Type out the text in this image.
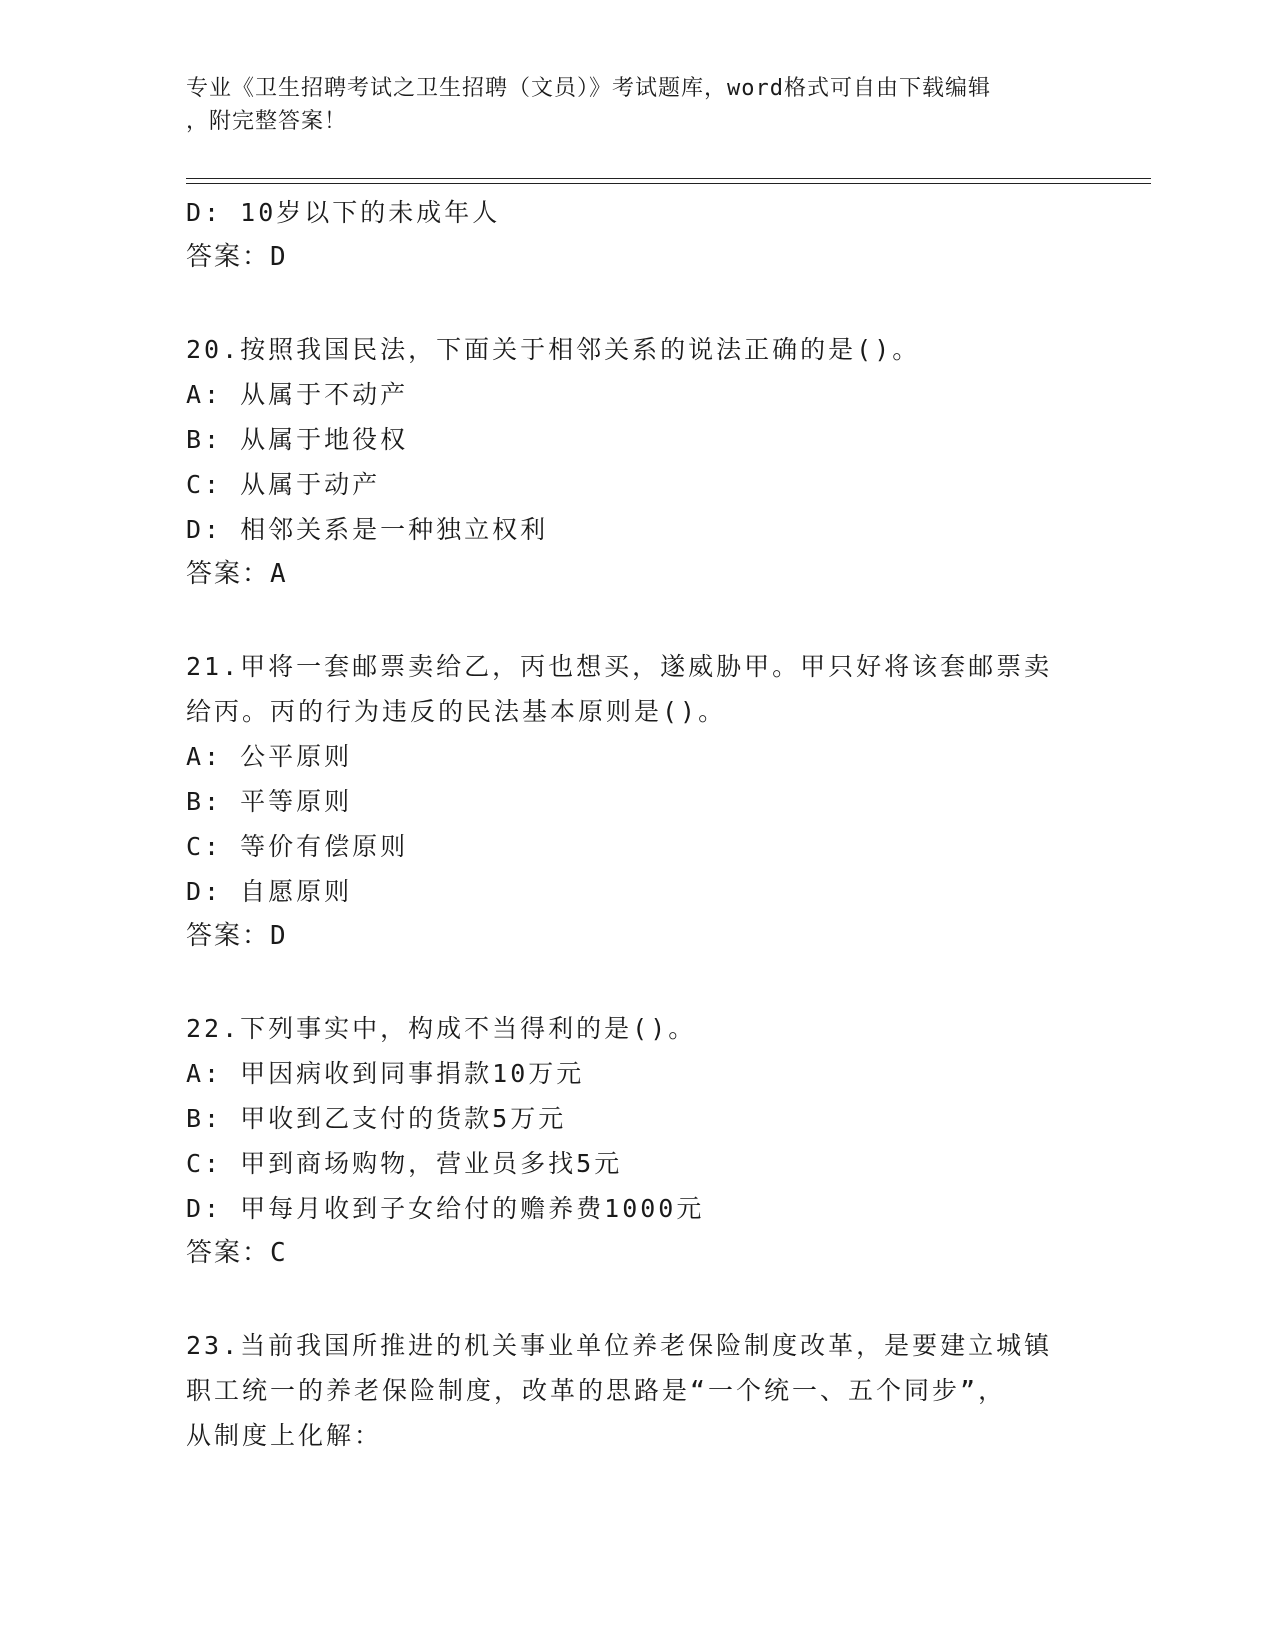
专业《卫生招聘考试之卫生招聘（文员）》考试题库，word格式可自由下载编辑
，附完整答案！
D: 10岁以下的未成年人
答案：D
20.按照我国民法，下面关于相邻关系的说法正确的是()。
A: 从属于不动产
B: 从属于地役权
C: 从属于动产
D: 相邻关系是一种独立权利
答案：A
21.甲将一套邮票卖给乙，丙也想买，遂威胁甲。甲只好将该套邮票卖
给丙。丙的行为违反的民法基本原则是()。
A: 公平原则
B: 平等原则
C: 等价有偿原则
D: 自愿原则
答案：D
22.下列事实中，构成不当得利的是()。
A: 甲因病收到同事捐款10万元
B: 甲收到乙支付的货款5万元
C: 甲到商场购物，营业员多找5元
D: 甲每月收到子女给付的赡养费1000元
答案：C
23.当前我国所推进的机关事业单位养老保险制度改革，是要建立城镇
职工统一的养老保险制度，改革的思路是“一个统一、五个同步”，
从制度上化解：
